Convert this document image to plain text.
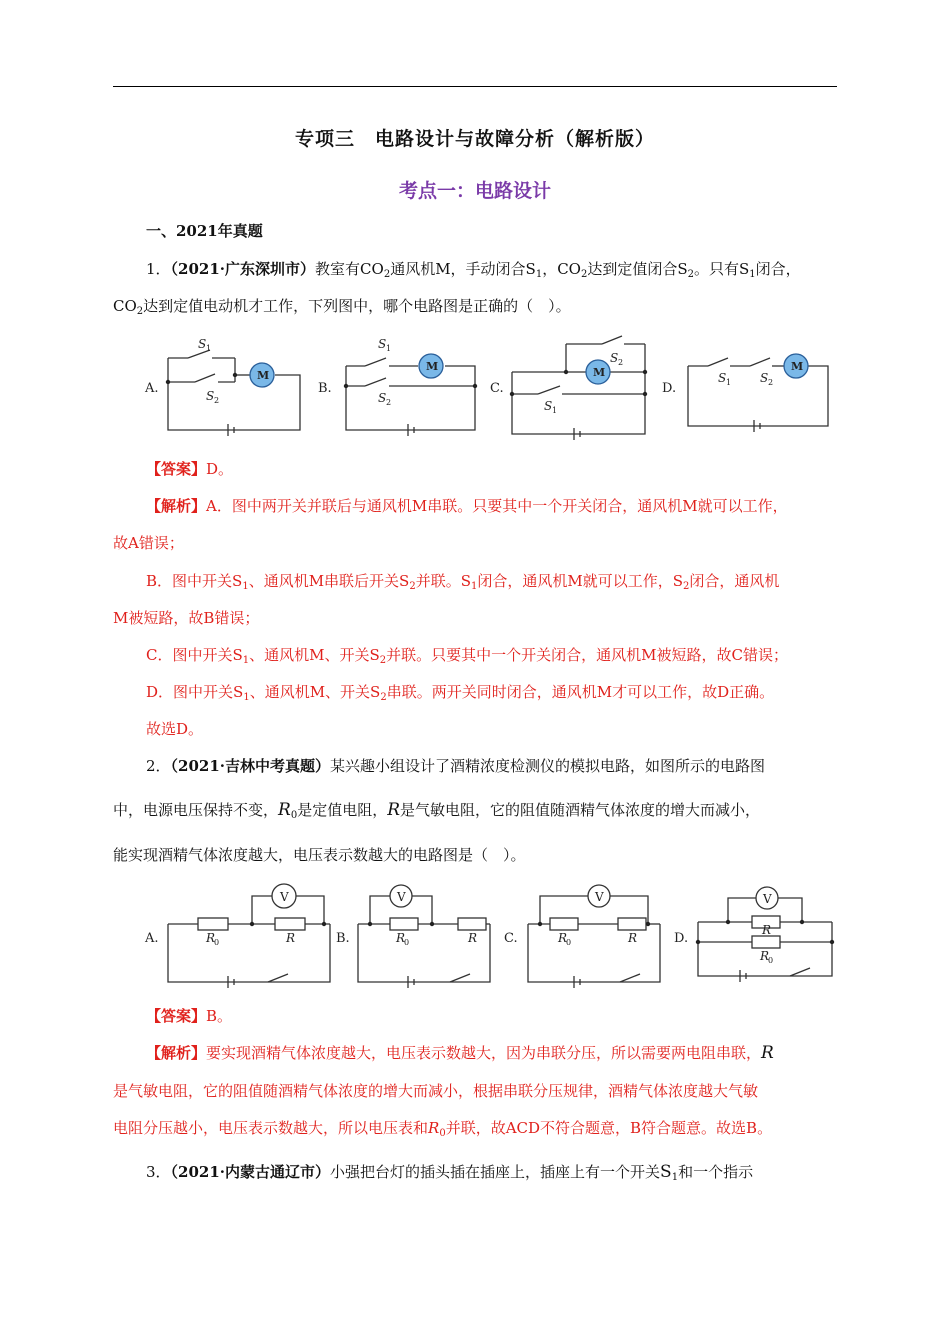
专项三　电路设计与故障分析（解析版）
考点一：电路设计
一、2021年真题
1．（2021·广东深圳市）教室有$CO_2$通风机M，手动闭合$S_1$，$CO_2$达到定值闭合$S_2$。只有$S_1$闭合，
$CO_2$达到定值电动机才工作，下列图中，哪个电路图是正确的（　）。
A.
M
S 1
S 2
B.
M
S 1
S 2
C.
M
S 2
S 1
D.
M
S 1 S 2
【答案】D。
【解析】A．图中两开关并联后与通风机M串联。只要其中一个开关闭合，通风机M就可以工作，
故A错误；
B．图中开关$S_1$、通风机M串联后开关$S_2$并联。$S_1$闭合，通风机M就可以工作，$S_2$闭合，通风机
M被短路，故B错误；
C．图中开关$S_1$、通风机M、开关$S_2$并联。只要其中一个开关闭合，通风机M被短路，故C错误；
D．图中开关$S_1$、通风机M、开关$S_2$串联。两开关同时闭合，通风机M才可以工作，故D正确。
故选D。
2．（2021·吉林中考真题）某兴趣小组设计了酒精浓度检测仪的模拟电路，如图所示的电路图
中，电源电压保持不变，$R_0$是定值电阻，R是气敏电阻，它的阻值随酒精气体浓度的增大而减小，
能实现酒精气体浓度越大，电压表示数越大的电路图是（　）。
A.
V
R
0	R	B.
V
R
0	R C.
V
R
0	R	D.
V
R
R
0
【答案】B。
【解析】要实现酒精气体浓度越大，电压表示数越大，因为串联分压，所以需要两电阻串联，R
是气敏电阻，它的阻值随酒精气体浓度的增大而减小，根据串联分压规律，酒精气体浓度越大气敏
电阻分压越小，电压表示数越大，所以电压表和$R_0$并联，故ACD不符合题意，B符合题意。故选B。
3．（2021·内蒙古通辽市）小强把台灯的插头插在插座上，插座上有一个开关$S_1$和一个指示
